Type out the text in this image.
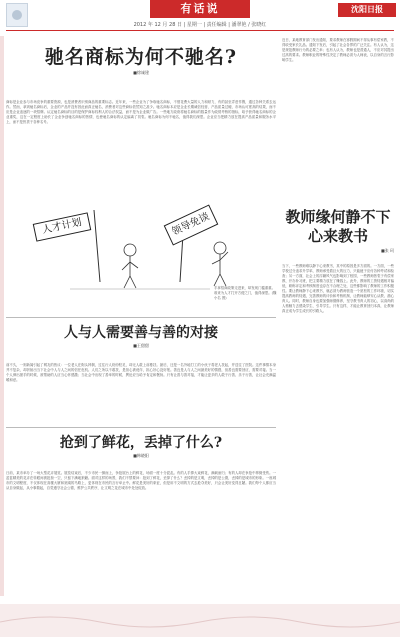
有话说
2012 年 12 月 28 日 | 星期一 | 责任编辑 | 潘翠艳 / 张晓红
沈阳日报
驰名商标为何不驰名?
■徐诚建
商标是企业参与市场竞争的重要资源，也是消费者识别商品的重要标志。近年来，一些企业为了争取驰名商标，不惜花费大量的人力和财力，有的甚至弄虚作假，通过各种关系去运作。然而，拿到驰名商标后，企业的产品并没有因此而真正驰名，消费者对这些商标依然知之甚少。驰名商标本应是企业长期诚信经营、产品质量过硬、市场认可度高的结果，而不应是企业追逐的一块招牌。认定驰名商标的目的是保护商标权利人的合法权益，而不是为企业做广告。一些地方政府将驰名商标的数量作为政绩考核的指标，给予获得驰名商标的企业重奖，这在一定程度上助长了企业争创驰名商标的热情，也使驰名商标的认定偏离了初衷。驰名商标为何不驰名，值得我们深思。企业应当把精力放在提高产品质量和服务水平上，而不是热衷于各种名号。
人才计划	领导免谈
手拿招商政策走进来，却发现门槛重重。谁来为人才打开方便之门，值得深思。(魏小名 图)
近日，某地教育部门发出通知，要求教师在寒假期间不得从事有偿家教，不得收受家长礼品。通知下发后，引起了社会各界的广泛关注。有人认为，这是规范教师行为的必要之举；也有人认为，教师也是普通人，不应对其提出过高的要求。教师职业的特殊性决定了教师必须为人师表，以自身的言行影响学生。
教师缘何静不下心来教书
■张 珂
当下，一些教师难以静下心来教书，其中的原因是多方面的。一方面，一些学校过分追求升学率，教师承受着巨大的压力，只能疲于应付各种考试和检查；另一方面，社会上的浮躁风气也影响到了校园，一些教师热衷于有偿家教、开办补习班，把主要精力放在了赚钱上。此外，教师的工资待遇相对偏低，职称评定和考核制度也存在不合理之处，这些都影响了教师的工作积极性。要让教师静下心来教书，就必须为教师营造一个宽松的工作环境，切实提高教师的待遇，完善教师的评价和考核机制，让教师能够安心从教、潜心育人。同时，教师自身也要加强师德修养，坚守教书育人的初心，以高尚的人格魅力去感染学生、引导学生。只有这样，才能让教育回归本真，让教师真正成为学生成长的引路人。
人与人需要善与善的对接
■王甜甜
前不久，一则新闻引起了网友的热议：一位老人在街头摔倒，过往行人纷纷驻足，却无人敢上前搀扶。最后，还是一名外地打工的小伙子将老人扶起，并送往了医院。这件事情本身并不复杂，却折射出当下社会中人与人之间的信任危机。人们之所以不敢扶，是担心被讹诈，担心好心没好报。善良是人与人之间最美好的情感，但善良需要回应，需要对接。当一个人伸出援手的时候，被帮助的人应当心怀感激；当社会中出现了善举的时候，舆论应当给予肯定和褒扬。只有让善与善对接，才能让更多的人敢于行善、乐于行善，让社会充满温暖和爱。
抢到了鲜花，丢掉了什么?
■韩晓阳
日前，某市举办了一场大型花卉展览。展览结束后，不少市民一拥而上，争抢展台上的鲜花，场面一度十分混乱。有的人手捧大束鲜花，满载而归；有的人却在争抢中摔倒受伤。一盆盆精美的花卉在转眼间被抢掠一空，只留下满地狼藉。面对这样的场景，我们不禁要问：抢到了鲜花，丢掉了什么？丢掉的是文明，丢掉的是公德，丢掉的是城市的形象。一座城市的文明程度，不仅体现在高楼大厦和宽阔的马路上，更体现在市民的言行举止中。鲜花是美好的象征，但是用不文明的方式去抢夺美好，只会让美好变得丑陋。我们每个人都应当从自身做起，从小事做起，自觉遵守社会公德，维护公共秩序，让文明之花在城市中处处绽放。
